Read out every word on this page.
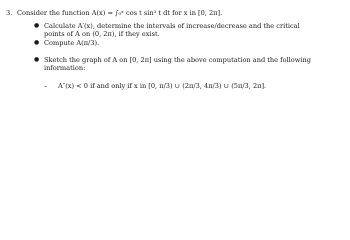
3. Consider the function A(x) = ∫₀ˣ cos t sin³ t dt for x in [0, 2π].
● Calculate A′(x), determine the intervals of increase/decrease and the critical
points of A on (0, 2π), if they exist.
● Compute A(π/3).
● Sketch the graph of A on [0, 2π] using the above computation and the following
information:
– A″(x) < 0 if and only if x in [0, π/3) ∪ (2π/3, 4π/3) ∪ (5π/3, 2π].
